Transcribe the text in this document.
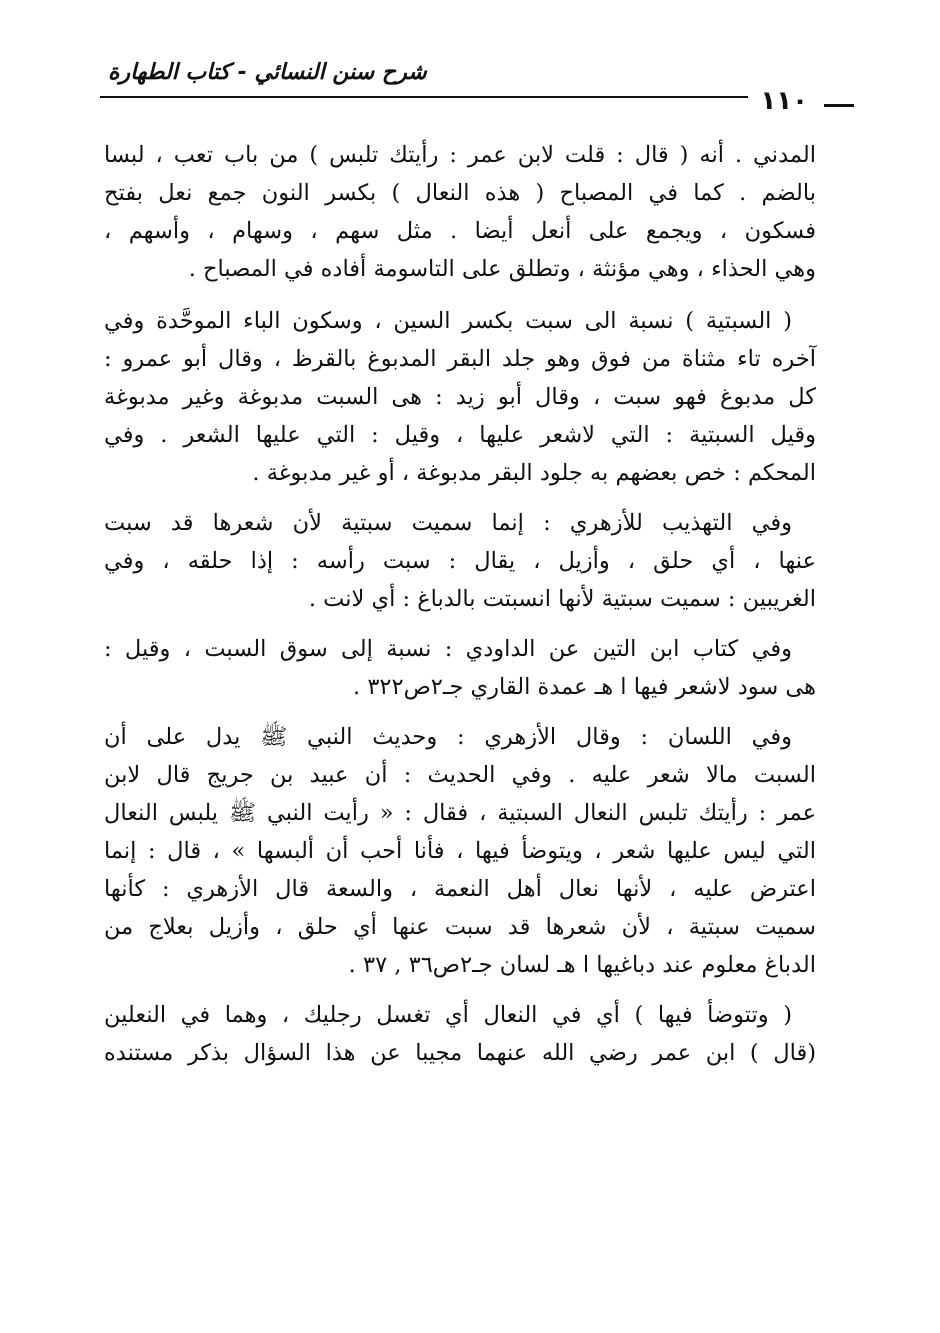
شرح سنن النسائي - كتاب الطهارة
١١٠

المدني . أنه ( قال : قلت لابن عمر : رأيتك تلبس ) من باب تعب ، لبسا
بالضم . كما في المصباح ( هذه النعال ) بكسر النون جمع نعل بفتح
فسكون ، ويجمع على أنعل أيضا . مثل سهم ، وسهام ، وأسهم ،
وهي الحذاء ، وهي مؤنثة ، وتطلق على التاسومة أفاده في المصباح .

( السبتية ) نسبة الى سبت بكسر السين ، وسكون الباء الموحَّدة وفي
آخره تاء مثناة من فوق وهو جلد البقر المدبوغ بالقرظ ، وقال أبو عمرو :
كل مدبوغ فهو سبت ، وقال أبو زيد : هى السبت مدبوغة وغير مدبوغة
وقيل السبتية : التي لاشعر عليها ، وقيل : التي عليها الشعر . وفي
المحكم : خص بعضهم به جلود البقر مدبوغة ، أو غير مدبوغة .

وفي التهذيب للأزهري : إنما سميت سبتية لأن شعرها قد سبت
عنها ، أي حلق ، وأزيل ، يقال : سبت رأسه : إذا حلقه ، وفي
الغريبين : سميت سبتية لأنها انسبتت بالدباغ : أي لانت .

وفي كتاب ابن التين عن الداودي : نسبة إلى سوق السبت ، وقيل :
هى سود لاشعر فيها ا هـ عمدة القاري جـ٢ص٣٢٢ .

وفي اللسان : وقال الأزهري : وحديث النبي ﷺ يدل على أن
السبت مالا شعر عليه . وفي الحديث : أن عبيد بن جريج قال لابن
عمر : رأيتك تلبس النعال السبتية ، فقال : « رأيت النبي ﷺ يلبس النعال
التي ليس عليها شعر ، ويتوضأ فيها ، فأنا أحب أن ألبسها » ، قال : إنما
اعترض عليه ، لأنها نعال أهل النعمة ، والسعة قال الأزهري : كأنها
سميت سبتية ، لأن شعرها قد سبت عنها أي حلق ، وأزيل بعلاج من
الدباغ معلوم عند دباغيها ا هـ لسان جـ٢ص٣٦ , ٣٧ .

( وتتوضأ فيها ) أي في النعال أي تغسل رجليك ، وهما في النعلين
(قال ) ابن عمر رضي الله عنهما مجيبا عن هذا السؤال بذكر مستنده
